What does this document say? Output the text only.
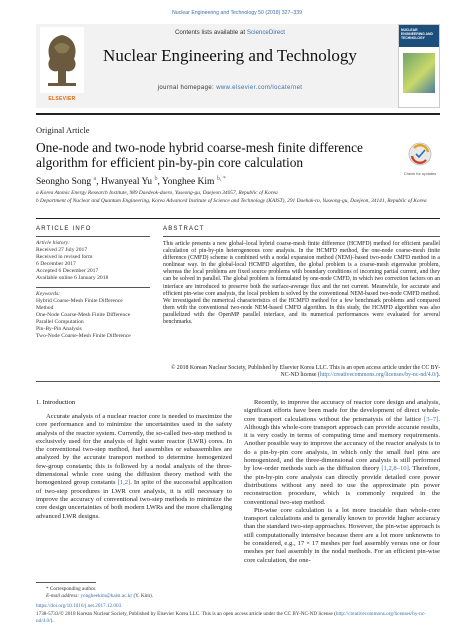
Nuclear Engineering and Technology 50 (2018) 327–339
ELSEVIER
Contents lists available at ScienceDirect
Nuclear Engineering and Technology
journal homepage: www.elsevier.com/locate/net
NUCLEAR ENGINEERING AND TECHNOLOGY
Original Article
One-node and two-node hybrid coarse-mesh finite difference algorithm for efficient pin-by-pin core calculation
Check for updates
Seongho Song $^a$, Hwanyeal Yu $^b$, Yonghee Kim $^{b, *}$
a Korea Atomic Energy Research Institute, 989 Daedeok-daero, Yuseong-gu, Daejeon 34057, Republic of Korea
b Department of Nuclear and Quantum Engineering, Korea Advanced Institute of Science and Technology (KAIST), 291 Daehak-ro, Yuseong-gu, Daejeon, 34141, Republic of Korea
ARTICLE INFO
Article history:
Received 27 July 2017
Received in revised form
6 December 2017
Accepted 6 December 2017
Available online 6 January 2018
Keywords:
Hybrid Coarse-Mesh Finite Difference
Method
One-Node Coarse-Mesh Finite Difference
Parallel Computation
Pin-By-Pin Analysis
Two-Node Coarse-Mesh Finite Difference
ABSTRACT
This article presents a new global–local hybrid coarse-mesh finite difference (HCMFD) method for efficient parallel calculation of pin-by-pin heterogeneous core analysis. In the HCMFD method, the one-node coarse-mesh finite difference (CMFD) scheme is combined with a nodal expansion method (NEM)–based two-node CMFD method in a nonlinear way. In the global-local HCMFD algorithm, the global problem is a coarse-mesh eigenvalue problem, whereas the local problems are fixed source problems with boundary conditions of incoming partial current, and they can be solved in parallel. The global problem is formulated by one-node CMFD, in which two correction factors on an interface are introduced to preserve both the surface-average flux and the net current. Meanwhile, for accurate and efficient pin-wise core analysis, the local problem is solved by the conventional NEM-based two-node CMFD method. We investigated the numerical characteristics of the HCMFD method for a few benchmark problems and compared them with the conventional two-node NEM-based CMFD algorithm. In this study, the HCMFD algorithm was also parallelized with the OpenMP parallel interface, and its numerical performances were evaluated for several benchmarks.
© 2018 Korean Nuclear Society, Published by Elsevier Korea LLC. This is an open access article under the CC BY-NC-ND license (http://creativecommons.org/licenses/by-nc-nd/4.0/).
1. Introduction

Accurate analysis of a nuclear reactor core is needed to maximize the core performance and to minimize the uncertainties used in the safety analysis of the reactor system. Currently, the so-called two-step method is exclusively used for the analysis of light water reactor (LWR) cores. In the conventional two-step method, fuel assemblies or subassemblies are analyzed by the accurate transport method to determine homogenized few-group constants; this is followed by a nodal analysis of the three-dimensional whole core using the diffusion theory method with the homogenized group constants [1,2]. In spite of the successful application of two-step procedures in LWR core analysis, it is still necessary to improve the accuracy of conventional two-step methods to minimize the core design uncertainties of both modern LWRs and the more challenging advanced LWR designs.

Recently, to improve the accuracy of reactor core design and analysis, significant efforts have been made for the development of direct whole-core transport calculations without the prismatysis of the lattice [3–7]. Although this whole-core transport approach can provide accurate results, it is very costly in terms of computing time and memory requirements. Another possible way to improve the accuracy of the reactor analysis is to do a pin-by-pin core analysis, in which only the small fuel pins are homogenized, and the three-dimensional core analysis is still performed by low-order methods such as the diffusion theory [1,2,8–10]. Therefore, the pin-by-pin core analysis can directly provide detailed core power distributions without any need to use the approximate pin power reconstruction procedure, which is commonly required in the conventional two-step method.

Pin-wise core calculation is a lot more tractable than whole-core transport calculations and is generally known to provide higher accuracy than the standard two-step approaches. However, the pin-wise approach is still computationally intensive because there are a lot more unknowns to be considered, e.g., 17 × 17 meshes per fuel assembly versus one or four meshes per fuel assembly in the nodal methods. For an efficient pin-wise core calculation, the one-

* Corresponding author.
E-mail address: yongheekim@kaist.ac.kr (Y. Kim).
https://doi.org/10.1016/j.net.2017.12.003
1738-5733/© 2018 Korean Nuclear Society, Published by Elsevier Korea LLC. This is an open access article under the CC BY-NC-ND license (http://creativecommons.org/licenses/by-nc-nd/4.0/).
